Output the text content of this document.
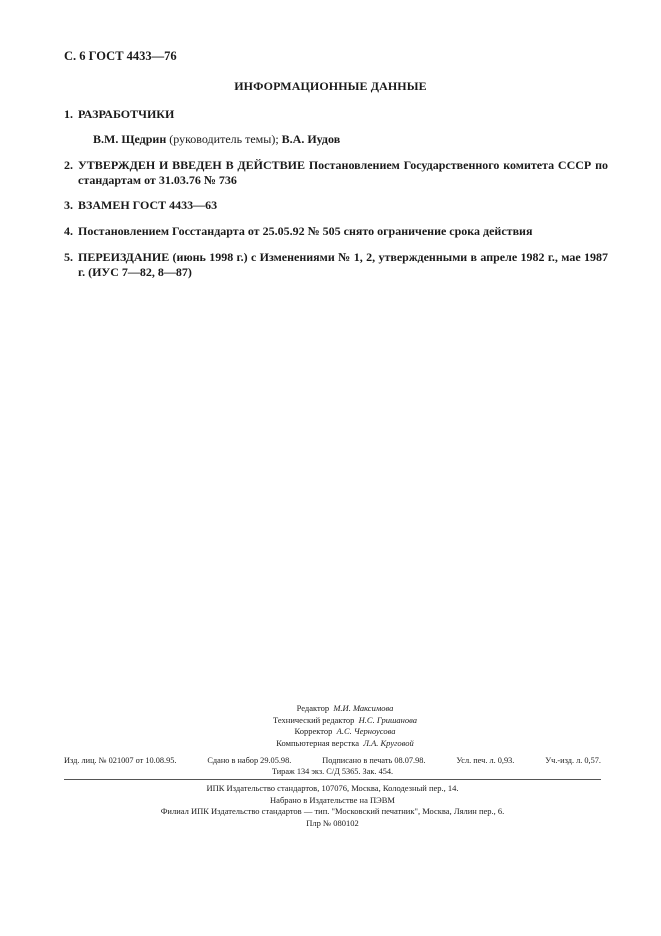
С. 6 ГОСТ 4433—76
ИНФОРМАЦИОННЫЕ ДАННЫЕ
1. РАЗРАБОТЧИКИ
В.М. Щедрин (руководитель темы); В.А. Иудов
2. УТВЕРЖДЕН И ВВЕДЕН В ДЕЙСТВИЕ Постановлением Государственного комитета СССР по стандартам от 31.03.76 № 736
3. ВЗАМЕН ГОСТ 4433—63
4. Постановлением Госстандарта от 25.05.92 № 505 снято ограничение срока действия
5. ПЕРЕИЗДАНИЕ (июнь 1998 г.) с Изменениями № 1, 2, утвержденными в апреле 1982 г., мае 1987 г. (ИУС 7—82, 8—87)
Редактор М.И. Максимова
Технический редактор Н.С. Гришанова
Корректор А.С. Черноусова
Компьютерная верстка Л.А. Круговой
Изд. лиц. № 021007 от 10.08.95.	Сдано в набор 29.05.98.	Подписано в печать 08.07.98.	Усл. печ. л. 0,93.	Уч.-изд. л. 0,57.
Тираж 134 экз. С/Д 5365. Зак. 454.
ИПК Издательство стандартов, 107076, Москва, Колодезный пер., 14.
Набрано в Издательстве на ПЭВМ
Филиал ИПК Издательство стандартов — тип. "Московский печатник", Москва, Лялин пер., 6.
Плр № 080102
